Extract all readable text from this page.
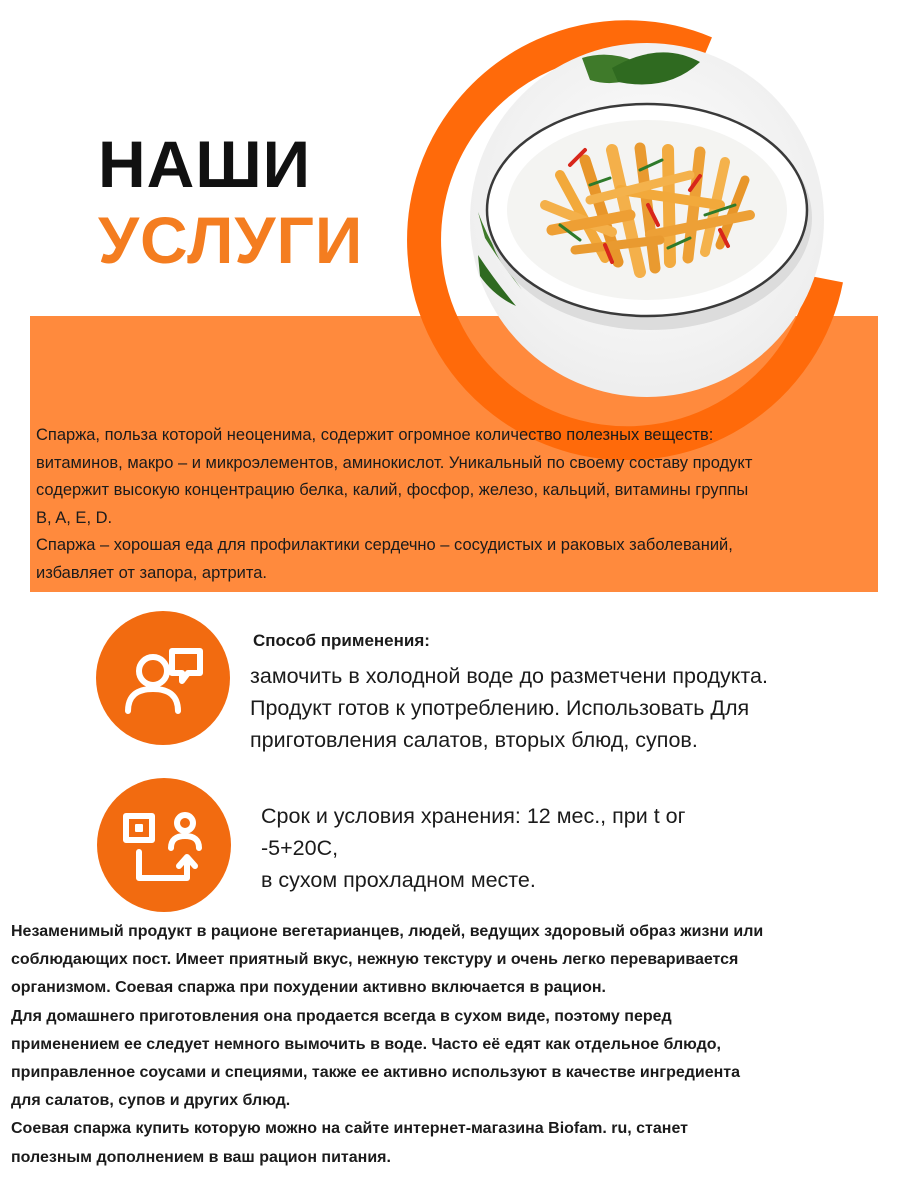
НАШИ
УСЛУГИ

Спаржа, польза которой неоценима, содержит огромное количество полезных веществ:

витаминов, макро – и микроэлементов, аминокислот. Уникальный по своему составу продукт

содержит высокую концентрацию белка, калий, фосфор, железо, кальций, витамины группы

B, A, E, D.

Спаржа – хорошая еда для профилактики сердечно – сосудистых и раковых заболеваний,

избавляет от запора, артрита.

Способ применения:
замочить в холодной воде до разметчени продукта.
Продукт готов к употреблению. Использовать Для
приготовления салатов, вторых блюд, супов.
Срок и условия хранения: 12 мес., при t ог
-5+20С,
в сухом прохладном месте.
Незаменимый продукт в рационе вегетарианцев, людей, ведущих здоровый образ жизни или
соблюдающих пост. Имеет приятный вкус, нежную текстуру и очень легко переваривается
организмом. Соевая спаржа при похудении активно включается в рацион.
Для домашнего приготовления она продается всегда в сухом виде, поэтому перед
применением ее следует немного вымочить в воде. Часто её едят как отдельное блюдо,
приправленное соусами и специями, также ее активно используют в качестве ингредиента
для салатов, супов и других блюд.
Соевая спаржа купить которую можно на сайте интернет-магазина Biofam. ru, станет
полезным дополнением в ваш рацион питания.
